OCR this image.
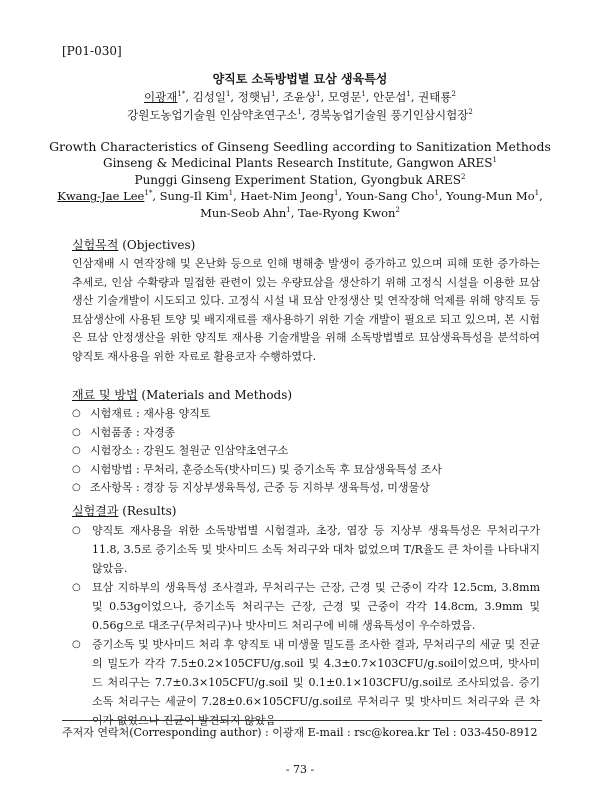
[P01-030]
양직토 소독방법별 묘삼 생육특성
이광재$^{1*}$, 김성일$^1$, 정햇님$^1$, 조윤상$^1$, 모영문$^1$, 안문섭$^1$, 권태룡$^2$
강원도농업기술원 인삼약초연구소$^1$, 경북농업기술원 풍기인삼시험장$^2$
Growth Characteristics of Ginseng Seedling according to Sanitization Methods
Ginseng & Medicinal Plants Research Institute, Gangwon ARES$^1$
Punggi Ginseng Experiment Station, Gyongbuk ARES$^2$
Kwang-Jae Lee$^{1*}$, Sung-Il Kim$^1$, Haet-Nim Jeong$^1$, Youn-Sang Cho$^1$, Young-Mun Mo$^1$,
Mun-Seob Ahn$^1$, Tae-Ryong Kwon$^2$
실험목적 (Objectives)
인삼재배 시 연작장해 및 온난화 등으로 인해 병해충 발생이 증가하고 있으며 피해 또한 증가하는 추세로, 인삼 수확량과 밀접한 관련이 있는 우량묘삼을 생산하기 위해 고정식 시설을 이용한 묘삼생산 기술개발이 시도되고 있다. 고정식 시설 내 묘삼 안정생산 및 연작장해 억제를 위해 양직토 등 묘삼생산에 사용된 토양 및 배지재료를 재사용하기 위한 기술 개발이 필요로 되고 있으며, 본 시험은 묘삼 안정생산을 위한 양직토 재사용 기술개발을 위해 소독방법별로 묘삼생육특성을 분석하여 양직토 재사용을 위한 자료로 활용코자 수행하였다.
재료 및 방법 (Materials and Methods)
○ 시험재료 : 재사용 양직토
○ 시험품종 : 자경종
○ 시험장소 : 강원도 철원군 인삼약초연구소
○ 시험방법 : 무처리, 훈증소독(밧사미드) 및 증기소독 후 묘삼생육특성 조사
○ 조사항목 : 경장 등 지상부생육특성, 근중 등 지하부 생육특성, 미생물상
실험결과 (Results)
○ 양직토 재사용을 위한 소독방법별 시험결과, 초장, 엽장 등 지상부 생육특성은 무처리구가 11.8, 3.5로 증기소독 및 밧사미드 소독 처리구와 대차 없었으며 T/R율도 큰 차이를 나타내지 않았음.
○ 묘삼 지하부의 생육특성 조사결과, 무처리구는 근장, 근경 및 근중이 각각 12.5cm, 3.8mm 및 0.53g이었으나, 증기소독 처리구는 근장, 근경 및 근중이 각각 14.8cm, 3.9mm 및 0.56g으로 대조구(무처리구)나 밧사미드 처리구에 비해 생육특성이 우수하였음.
○ 증기소독 및 밧사미드 처리 후 양직토 내 미생물 밀도를 조사한 결과, 무처리구의 세균 및 진균의 밀도가 각각 7.5±0.2×105CFU/g.soil 및 4.3±0.7×103CFU/g.soil이었으며, 밧사미드 처리구는 7.7±0.3×105CFU/g.soil 및 0.1±0.1×103CFU/g.soil로 조사되었음. 증기소독 처리구는 세균이 7.28±0.6×105CFU/g.soil로 무처리구 및 밧사미드 처리구와 큰 차이가 없었으나 진균이 발견되지 않았음
주저자 연락처(Corresponding author) : 이광재 E-mail : rsc@korea.kr Tel : 033-450-8912
- 73 -
